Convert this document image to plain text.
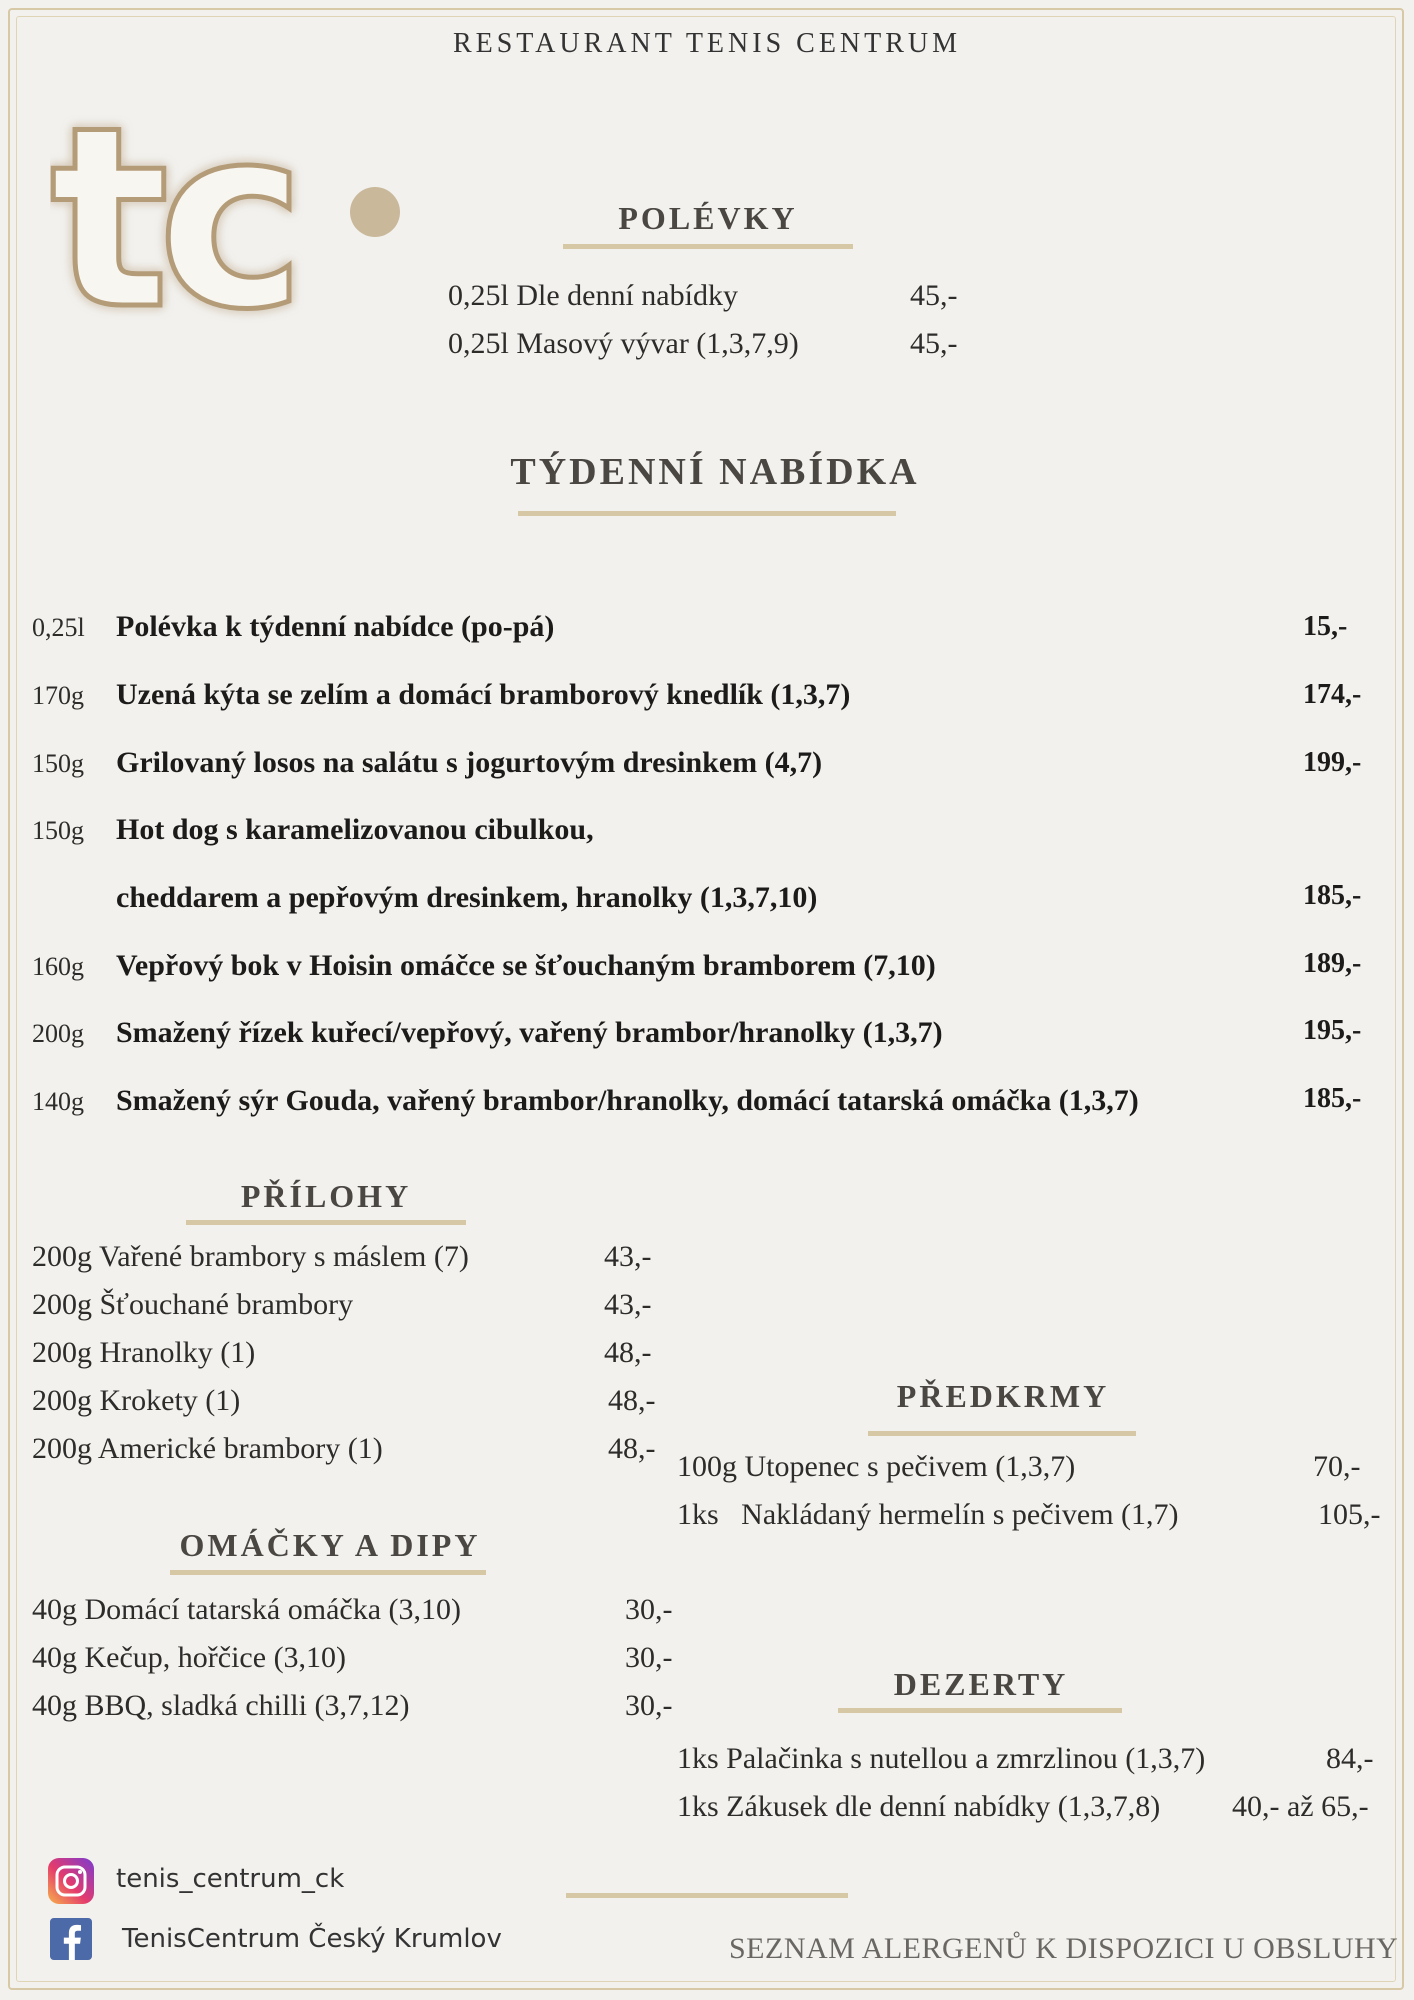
RESTAURANT TENIS CENTRUM
tc	POLÉVKY
0,25l Dle denní nabídky	45,-
0,25l Masový vývar (1,3,7,9)	45,-
TÝDENNÍ NABÍDKA
0,25l Polévka k týdenní nabídce (po-pá)	15,-
170g Uzená kýta se zelím a domácí bramborový knedlík (1,3,7)	174,-
150g Grilovaný losos na salátu s jogurtovým dresinkem (4,7)	199,-
150g Hot dog s karamelizovanou cibulkou,
cheddarem a pepřovým dresinkem, hranolky (1,3,7,10)	185,-
160g Vepřový bok v Hoisin omáčce se šťouchaným bramborem (7,10)	189,-
200g Smažený řízek kuřecí/vepřový, vařený brambor/hranolky (1,3,7)	195,-
140g Smažený sýr Gouda, vařený brambor/hranolky, domácí tatarská omáčka (1,3,7)	185,-
PŘÍLOHY
200g Vařené brambory s máslem (7)	43,-
200g Šťouchané brambory	43,-
200g Hranolky (1)	48,-
200g Krokety (1)	48,-
200g Americké brambory (1)	48,-
OMÁČKY A DIPY
40g Domácí tatarská omáčka (3,10)	30,-
40g Kečup, hořčice (3,10)	30,-
40g BBQ, sladká chilli (3,7,12)	30,-
PŘEDKRMY
100g Utopenec s pečivem (1,3,7)	70,-
1ks   Nakládaný hermelín s pečivem (1,7)	105,-
DEZERTY
1ks Palačinka s nutellou a zmrzlinou (1,3,7)	84,-
1ks Zákusek dle denní nabídky (1,3,7,8) 40,- až 65,-
tenis_centrum_ck
TenisCentrum Český Krumlov	SEZNAM ALERGENŮ K DISPOZICI U OBSLUHY
